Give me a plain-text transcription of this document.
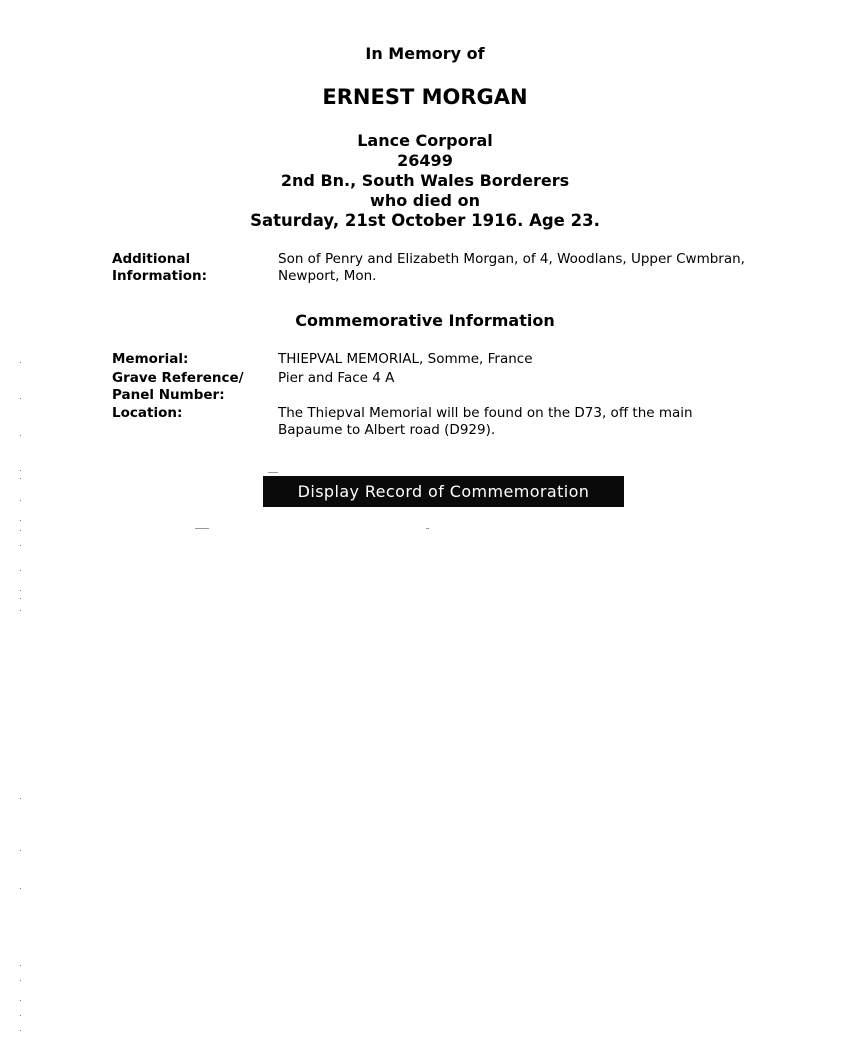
In Memory of
ERNEST MORGAN
Lance Corporal
26499
2nd Bn., South Wales Borderers
who died on
Saturday, 21st October 1916. Age 23.
Additional
Information:
Son of Penry and Elizabeth Morgan, of 4, Woodlans, Upper Cwmbran,
Newport, Mon.
Commemorative Information
Memorial:	THIEPVAL MEMORIAL, Somme, France
Grave Reference/
Panel Number:
Pier and Face 4 A
Location:	The Thiepval Memorial will be found on the D73, off the main
Bapaume to Albert road (D929).
Display Record of Commemoration
